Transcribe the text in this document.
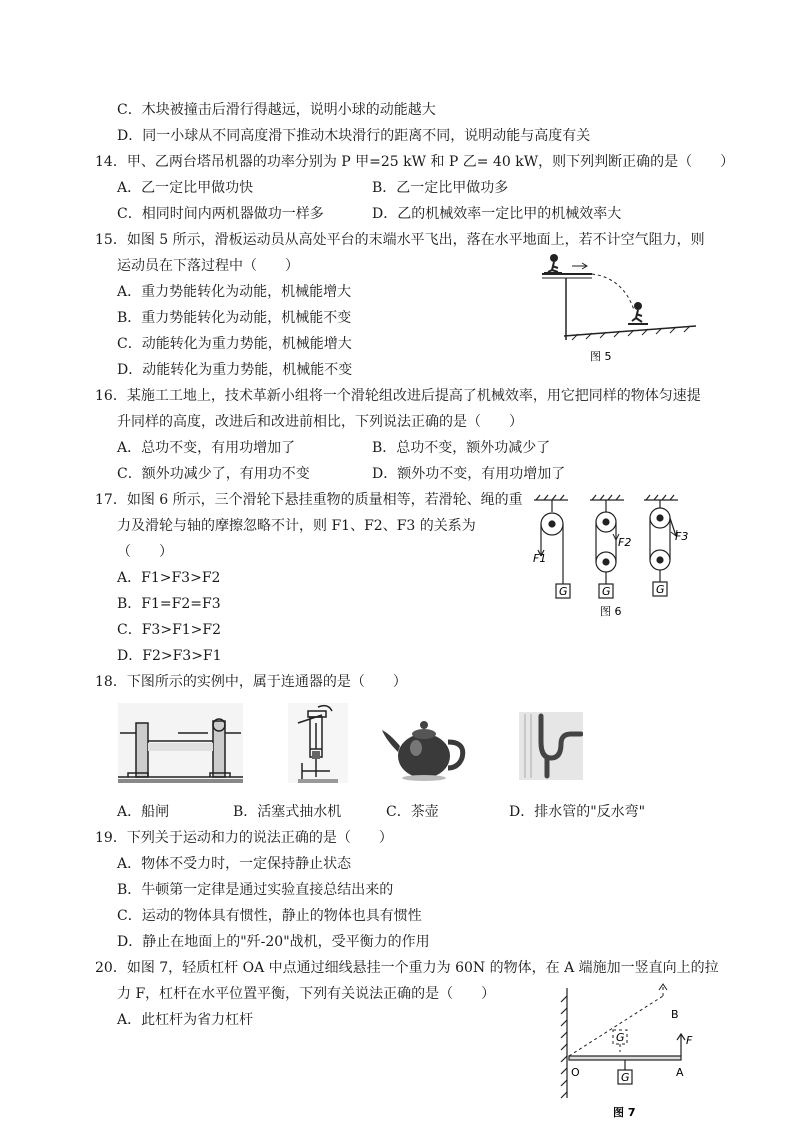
C．木块被撞击后滑行得越远，说明小球的动能越大
D．同一小球从不同高度滑下推动木块滑行的距离不同，说明动能与高度有关
14．甲、乙两台塔吊机器的功率分别为 P 甲=25 kW 和 P 乙= 40 kW，则下列判断正确的是（　　）
A．乙一定比甲做功快	B．乙一定比甲做功多
C．相同时间内两机器做功一样多	D．乙的机械效率一定比甲的机械效率大
15．如图 5 所示，滑板运动员从高处平台的末端水平飞出，落在水平地面上，若不计空气阻力，则
运动员在下落过程中（　　）
A．重力势能转化为动能，机械能增大
B．重力势能转化为动能，机械能不变
C．动能转化为重力势能，机械能增大
D．动能转化为重力势能，机械能不变
16．某施工工地上，技术革新小组将一个滑轮组改进后提高了机械效率，用它把同样的物体匀速提
升同样的高度，改进后和改进前相比，下列说法正确的是（　　）
A．总功不变，有用功增加了	B．总功不变，额外功减少了
C．额外功减少了，有用功不变	D．额外功不变，有用功增加了
17．如图 6 所示，三个滑轮下悬挂重物的质量相等，若滑轮、绳的重
力及滑轮与轴的摩擦忽略不计，则 F1、F2、F3 的关系为
（　　）
A．F1>F3>F2
B．F1=F2=F3
C．F3>F1>F2
D．F2>F3>F1
18．下图所示的实例中，属于连通器的是（　　）
A．船闸	B．活塞式抽水机	C．茶壶	D．排水管的"反水弯"
19．下列关于运动和力的说法正确的是（　　）
A．物体不受力时，一定保持静止状态
B．牛顿第一定律是通过实验直接总结出来的
C．运动的物体具有惯性，静止的物体也具有惯性
D．静止在地面上的"歼-20"战机，受平衡力的作用
20．如图 7，轻质杠杆 OA 中点通过细线悬挂一个重力为 60N 的物体，在 A 端施加一竖直向上的拉
力 F，杠杆在水平位置平衡，下列有关说法正确的是（　　）
A．此杠杆为省力杠杆
图 5
F1
F2	F3
G	G	G
图 6
B
F
G
G
O	A
图 7
